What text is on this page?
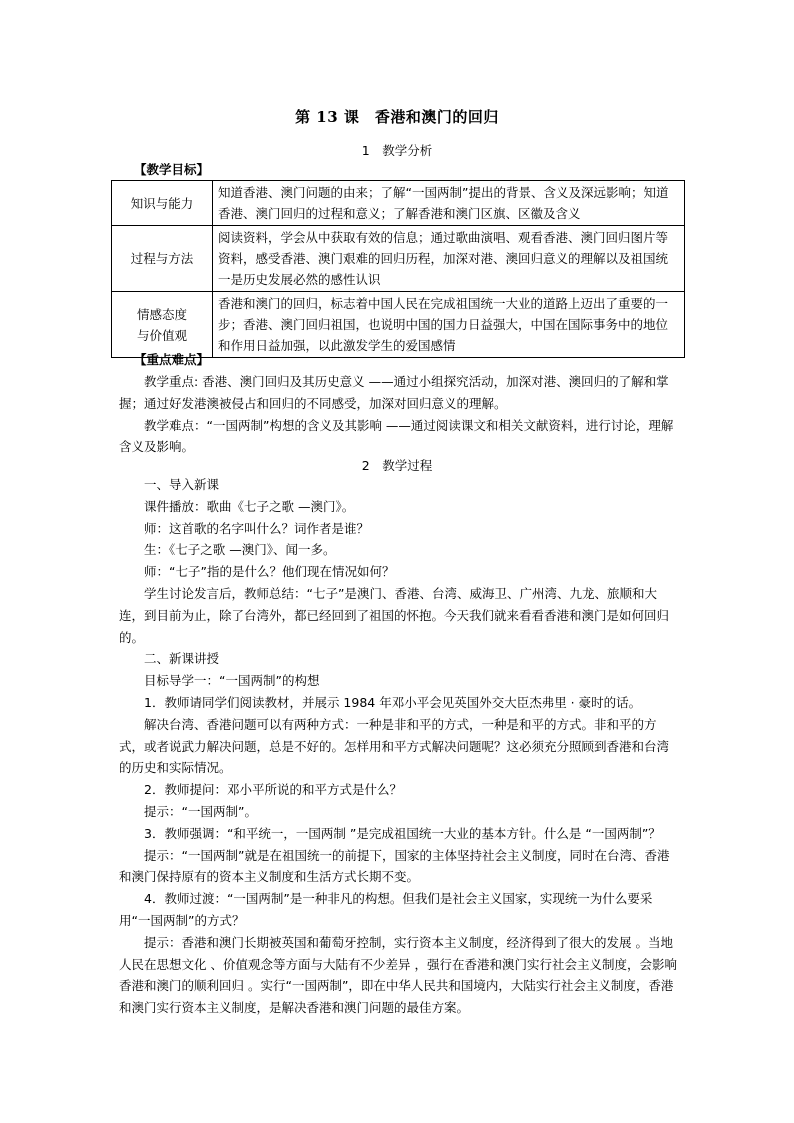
第 13 课　香港和澳门的回归
1　教学分析
【教学目标】
知识与能力	知道香港、澳门问题的由来；了解“一国两制”提出的背景、含义及深远影响；知道香港、澳门回归的过程和意义；了解香港和澳门区旗、区徽及含义
过程与方法	阅读资料，学会从中获取有效的信息；通过歌曲演唱、观看香港、澳门回归图片等资料，感受香港、澳门艰难的回归历程，加深对港、澳回归意义的理解以及祖国统一是历史发展必然的感性认识

情感态度
与价值观	香港和澳门的回归，标志着中国人民在完成祖国统一大业的道路上迈出了重要的一步；香港、澳门回归祖国，也说明中国的国力日益强大，中国在国际事务中的地位和作用日益加强，以此激发学生的爱国感情
【重点难点】

教学重点: 香港、澳门回归及其历史意义 ——通过小组探究活动，加深对港、澳回归的了解和掌握；通过好发港澳被侵占和回归的不同感受，加深对回归意义的理解。

教学难点：“一国两制”构想的含义及其影响 ——通过阅读课文和相关文献资料，进行讨论，理解含义及影响。

2　教学过程

一、导入新课

课件播放：歌曲《七子之歌 —澳门》。

师：这首歌的名字叫什么？词作者是谁？

生：《七子之歌 —澳门》、闻一多。

师：“七子”指的是什么？他们现在情况如何？

学生讨论发言后，教师总结：“七子”是澳门、香港、台湾、威海卫、广州湾、九龙、旅顺和大连，到目前为止，除了台湾外，都已经回到了祖国的怀抱。今天我们就来看看香港和澳门是如何回归的。

二、新课讲授

目标导学一：“一国两制”的构想

1．教师请同学们阅读教材，并展示 1984 年邓小平会见英国外交大臣杰弗里 · 豪时的话。

解决台湾、香港问题可以有两种方式：一种是非和平的方式，一种是和平的方式。非和平的方式，或者说武力解决问题，总是不好的。怎样用和平方式解决问题呢？这必须充分照顾到香港和台湾的历史和实际情况。

2．教师提问：邓小平所说的和平方式是什么？

提示：“一国两制”。

3．教师强调：“和平统一，一国两制 ”是完成祖国统一大业的基本方针。什么是 “一国两制”？

提示：“一国两制”就是在祖国统一的前提下，国家的主体坚持社会主义制度，同时在台湾、香港和澳门保持原有的资本主义制度和生活方式长期不变。

4．教师过渡：“一国两制”是一种非凡的构想。但我们是社会主义国家，实现统一为什么要采用“一国两制”的方式？

提示：香港和澳门长期被英国和葡萄牙控制，实行资本主义制度，经济得到了很大的发展 。当地人民在思想文化 、价值观念等方面与大陆有不少差异 ，强行在香港和澳门实行社会主义制度，会影响香港和澳门的顺利回归 。实行“一国两制”，即在中华人民共和国境内，大陆实行社会主义制度，香港和澳门实行资本主义制度，是解决香港和澳门问题的最佳方案。
